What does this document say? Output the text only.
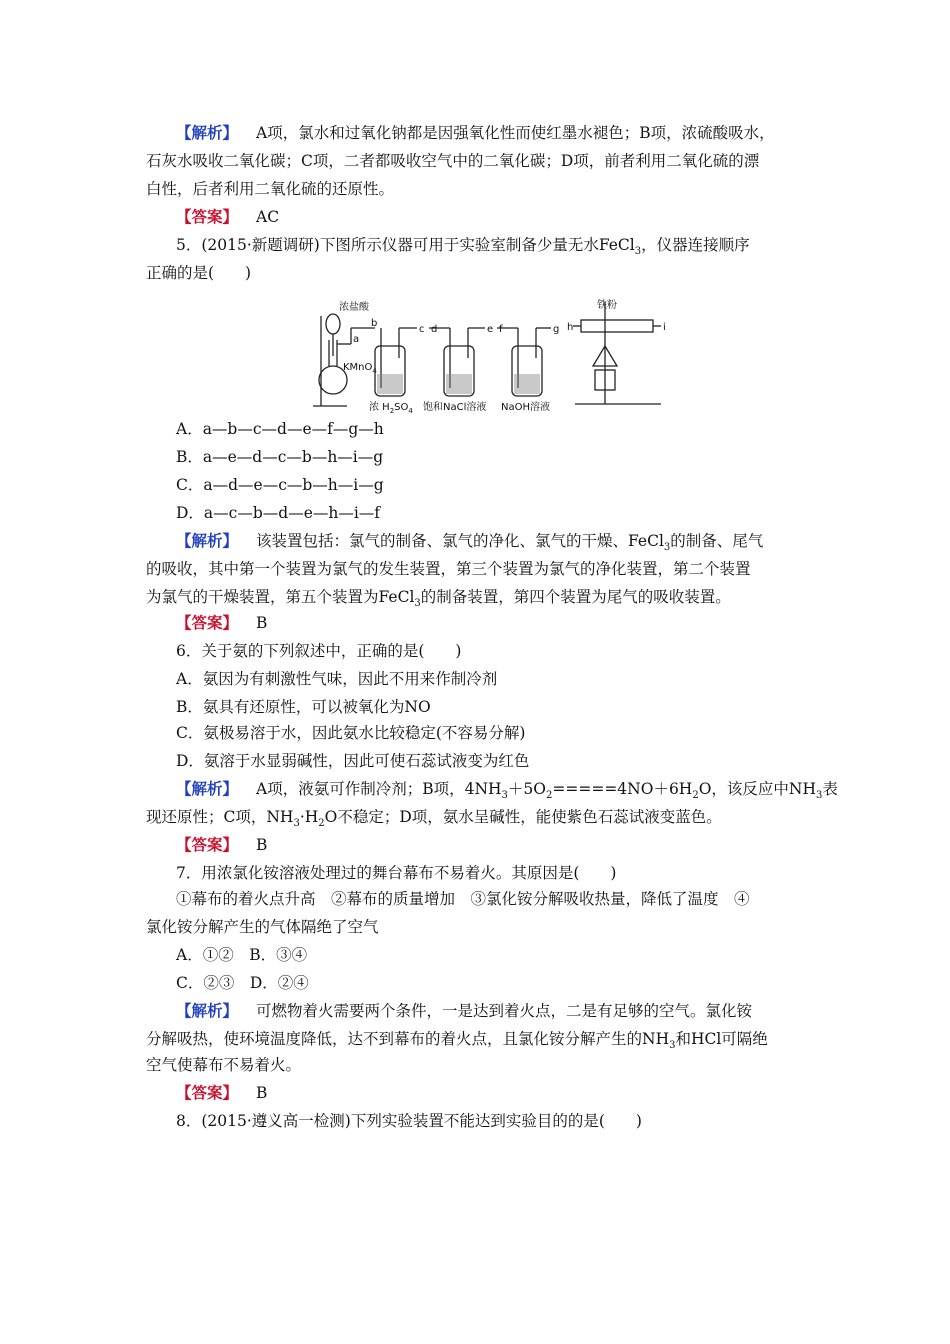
【解析】 A项，氯水和过氧化钠都是因强氧化性而使红墨水褪色；B项，浓硫酸吸水，
石灰水吸收二氧化碳；C项，二者都吸收空气中的二氧化碳；D项，前者利用二氧化硫的漂
白性，后者利用二氧化硫的还原性。
【答案】 AC
5．(2015·新题调研)下图所示仪器可用于实验室制备少量无水FeCl$_3$，仪器连接顺序
正确的是(　　)
浓盐酸
KMnO$_4$
铁粉
浓 $H_2SO_4$ 饱和NaCl溶液 NaOH溶液
a
b
c d	e f	g h	i
A．a—b—c—d—e—f—g—h
B．a—e—d—c—b—h—i—g
C．a—d—e—c—b—h—i—g
D．a—c—b—d—e—h—i—f
【解析】 该装置包括：氯气的制备、氯气的净化、氯气的干燥、FeCl$_3$的制备、尾气
的吸收，其中第一个装置为氯气的发生装置，第三个装置为氯气的净化装置，第二个装置
为氯气的干燥装置，第五个装置为FeCl$_3$的制备装置，第四个装置为尾气的吸收装置。
【答案】 B
6．关于氨的下列叙述中，正确的是(　　)
A．氨因为有刺激性气味，因此不用来作制冷剂
B．氨具有还原性，可以被氧化为NO
C．氨极易溶于水，因此氨水比较稳定(不容易分解)
D．氨溶于水显弱碱性，因此可使石蕊试液变为红色
【解析】 A项，液氨可作制冷剂；B项，$4NH_3+5O_2=====4NO+6H_2O$，该反应中$NH_3$表
现还原性；C项，$NH_3\cdot H_2O$不稳定；D项，氨水呈碱性，能使紫色石蕊试液变蓝色。
【答案】 B
7．用浓氯化铵溶液处理过的舞台幕布不易着火。其原因是(　　)
①幕布的着火点升高　②幕布的质量增加　③氯化铵分解吸收热量，降低了温度　④
氯化铵分解产生的气体隔绝了空气
A．①②　B．③④
C．②③　D．②④
【解析】 可燃物着火需要两个条件，一是达到着火点，二是有足够的空气。氯化铵
分解吸热，使环境温度降低，达不到幕布的着火点，且氯化铵分解产生的$NH_3$和HCl可隔绝
空气使幕布不易着火。
【答案】 B
8．(2015·遵义高一检测)下列实验装置不能达到实验目的的是(　　)
